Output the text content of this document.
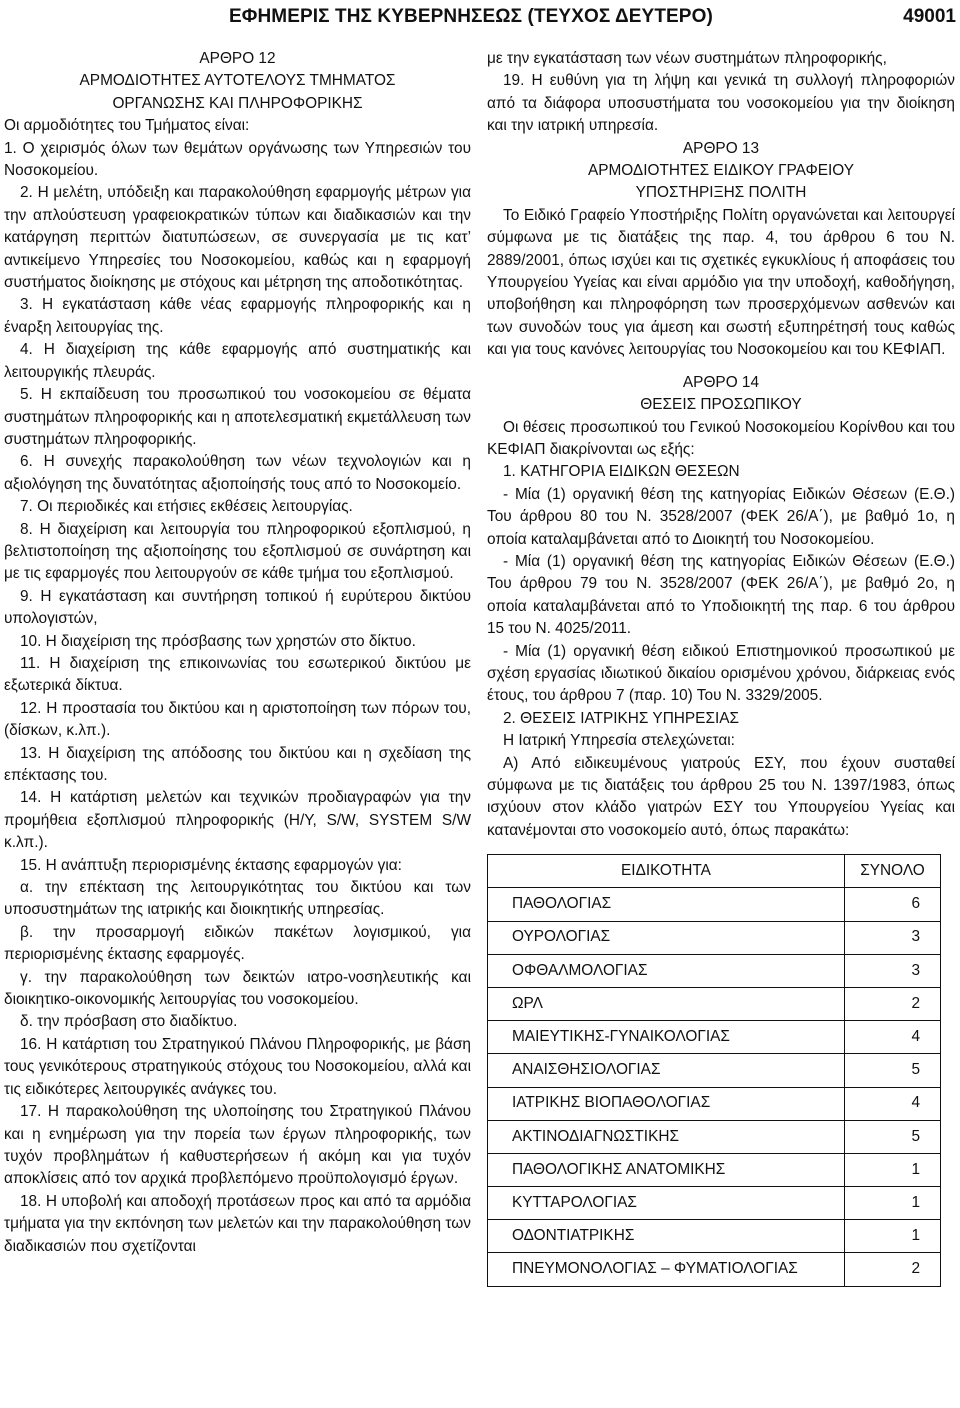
ΕΦΗΜΕΡΙΣ ΤΗΣ ΚΥΒΕΡΝΗΣΕΩΣ (ΤΕΥΧΟΣ ΔΕΥΤΕΡΟ)	49001

ΑΡΘΡΟ 12

ΑΡΜΟΔΙΟΤΗΤΕΣ ΑΥΤΟΤΕΛΟΥΣ ΤΜΗΜΑΤΟΣ

ΟΡΓΑΝΩΣΗΣ ΚΑΙ ΠΛΗΡΟΦΟΡΙΚΗΣ

Οι αρμοδιότητες του Τμήματος είναι:

1. Ο χειρισμός όλων των θεμάτων οργάνωσης των Υπηρεσιών του Νοσοκομείου.

2. Η μελέτη, υπόδειξη και παρακολούθηση εφαρμογής μέτρων για την απλούστευση γραφειοκρατικών τύπων και διαδικασιών και την κατάργηση περιττών διατυπώσεων, σε συνεργασία με τις κατ’ αντικείμενο Υπηρεσίες του Νοσοκομείου, καθώς και η εφαρμογή συστήματος διοίκησης με στόχους και μέτρηση της αποδοτικότητας.

3. Η εγκατάσταση κάθε νέας εφαρμογής πληροφορικής και η έναρξη λειτουργίας της.

4. Η διαχείριση της κάθε εφαρμογής από συστηματικής και λειτουργικής πλευράς.

5. Η εκπαίδευση του προσωπικού του νοσοκομείου σε θέματα συστημάτων πληροφορικής και η αποτελεσματική εκμετάλλευση των συστημάτων πληροφορικής.

6. Η συνεχής παρακολούθηση των νέων τεχνολογιών και η αξιολόγηση της δυνατότητας αξιοποίησής τους από το Νοσοκομείο.

7. Οι περιοδικές και ετήσιες εκθέσεις λειτουργίας.

8. Η διαχείριση και λειτουργία του πληροφορικού εξοπλισμού, η βελτιστοποίηση της αξιοποίησης του εξοπλισμού σε συνάρτηση και με τις εφαρμογές που λειτουργούν σε κάθε τμήμα του εξοπλισμού.

9. Η εγκατάσταση και συντήρηση τοπικού ή ευρύτερου δικτύου υπολογιστών,

10. Η διαχείριση της πρόσβασης των χρηστών στο δίκτυο.

11. Η διαχείριση της επικοινωνίας του εσωτερικού δικτύου με εξωτερικά δίκτυα.

12. Η προστασία του δικτύου και η αριστοποίηση των πόρων του, (δίσκων, κ.λπ.).

13. Η διαχείριση της απόδοσης του δικτύου και η σχεδίαση της επέκτασης του.

14. Η κατάρτιση μελετών και τεχνικών προδιαγραφών για την προμήθεια εξοπλισμού πληροφορικής (Η/Υ, S/W, SYSTEM S/W κ.λπ.).

15. Η ανάπτυξη περιορισμένης έκτασης εφαρμογών για:

α. την επέκταση της λειτουργικότητας του δικτύου και των υποσυστημάτων της ιατρικής και διοικητικής υπηρεσίας.

β. την προσαρμογή ειδικών πακέτων λογισμικού, για περιορισμένης έκτασης εφαρμογές.

γ. την παρακολούθηση των δεικτών ιατρο-νοσηλευτικής και διοικητικο-οικονομικής λειτουργίας του νοσοκομείου.

δ. την πρόσβαση στο διαδίκτυο.

16. Η κατάρτιση του Στρατηγικού Πλάνου Πληροφορικής, με βάση τους γενικότερους στρατηγικούς στόχους του Νοσοκομείου, αλλά και τις ειδικότερες λειτουργικές ανάγκες του.

17. Η παρακολούθηση της υλοποίησης του Στρατηγικού Πλάνου και η ενημέρωση για την πορεία των έργων πληροφορικής, των τυχόν προβλημάτων ή καθυστερήσεων ή ακόμη και για τυχόν αποκλίσεις από τον αρχικά προβλεπόμενο προϋπολογισμό έργων.

18. Η υποβολή και αποδοχή προτάσεων προς και από τα αρμόδια τμήματα για την εκπόνηση των μελετών και την παρακολούθηση των διαδικασιών που σχετίζονται

με την εγκατάσταση των νέων συστημάτων πληροφορικής,

19. Η ευθύνη για τη λήψη και γενικά τη συλλογή πληροφοριών από τα διάφορα υποσυστήματα του νοσοκομείου για την διοίκηση και την ιατρική υπηρεσία.

ΑΡΘΡΟ 13

ΑΡΜΟΔΙΟΤΗΤΕΣ ΕΙΔΙΚΟΥ ΓΡΑΦΕΙΟΥ

ΥΠΟΣΤΗΡΙΞΗΣ ΠΟΛΙΤΗ

Το Ειδικό Γραφείο Υποστήριξης Πολίτη οργανώνεται και λειτουργεί σύμφωνα με τις διατάξεις της παρ. 4, του άρθρου 6 του Ν. 2889/2001, όπως ισχύει και τις σχετικές εγκυκλίους ή αποφάσεις του Υπουργείου Υγείας και είναι αρμόδιο για την υποδοχή, καθοδήγηση, υποβοήθηση και πληροφόρηση των προσερχόμενων ασθενών και των συνοδών τους για άμεση και σωστή εξυπηρέτησή τους καθώς και για τους κανόνες λειτουργίας του Νοσοκομείου και του ΚΕΦΙΑΠ.

ΑΡΘΡΟ 14

ΘΕΣΕΙΣ ΠΡΟΣΩΠΙΚΟΥ

Οι θέσεις προσωπικού του Γενικού Νοσοκομείου Κορίνθου και του ΚΕΦΙΑΠ διακρίνονται ως εξής:

1. ΚΑΤΗΓΟΡΙΑ ΕΙΔΙΚΩΝ ΘΕΣΕΩΝ

- Μία (1) οργανική θέση της κατηγορίας Ειδικών Θέσεων (Ε.Θ.) Του άρθρου 80 του Ν. 3528/2007 (ΦΕΚ 26/Α΄), με βαθμό 1ο, η οποία καταλαμβάνεται από το Διοικητή του Νοσοκομείου.

- Μία (1) οργανική θέση της κατηγορίας Ειδικών Θέσεων (Ε.Θ.) Του άρθρου 79 του Ν. 3528/2007 (ΦΕΚ 26/Α΄), με βαθμό 2ο, η οποία καταλαμβάνεται από το Υποδιοικητή της παρ. 6 του άρθρου 15 του Ν. 4025/2011.

- Μία (1) οργανική θέση ειδικού Επιστημονικού προσωπικού με σχέση εργασίας ιδιωτικού δικαίου ορισμένου χρόνου, διάρκειας ενός έτους, του άρθρου 7 (παρ. 10) Του Ν. 3329/2005.

2. ΘΕΣΕΙΣ ΙΑΤΡΙΚΗΣ ΥΠΗΡΕΣΙΑΣ

Η Ιατρική Υπηρεσία στελεχώνεται:

Α) Από ειδικευμένους γιατρούς ΕΣΥ, που έχουν συσταθεί σύμφωνα με τις διατάξεις του άρθρου 25 του Ν. 1397/1983, όπως ισχύουν στον κλάδο γιατρών ΕΣΥ του Υπουργείου Υγείας και κατανέμονται στο νοσοκομείο αυτό, όπως παρακάτω:

ΕΙΔΙΚΟΤΗΤΑ	ΣΥΝΟΛΟ
ΠΑΘΟΛΟΓΙΑΣ	6
ΟΥΡΟΛΟΓΙΑΣ	3
ΟΦΘΑΛΜΟΛΟΓΙΑΣ	3
ΩΡΛ	2
ΜΑΙΕΥΤΙΚΗΣ-ΓΥΝΑΙΚΟΛΟΓΙΑΣ	4
ΑΝΑΙΣΘΗΣΙΟΛΟΓΙΑΣ	5
ΙΑΤΡΙΚΗΣ ΒΙΟΠΑΘΟΛΟΓΙΑΣ	4
ΑΚΤΙΝΟΔΙΑΓΝΩΣΤΙΚΗΣ	5
ΠΑΘΟΛΟΓΙΚΗΣ ΑΝΑΤΟΜΙΚΗΣ	1
ΚΥΤΤΑΡΟΛΟΓΙΑΣ	1
ΟΔΟΝΤΙΑΤΡΙΚΗΣ	1
ΠΝΕΥΜΟΝΟΛΟΓΙΑΣ – ΦΥΜΑΤΙΟΛΟΓΙΑΣ	2
